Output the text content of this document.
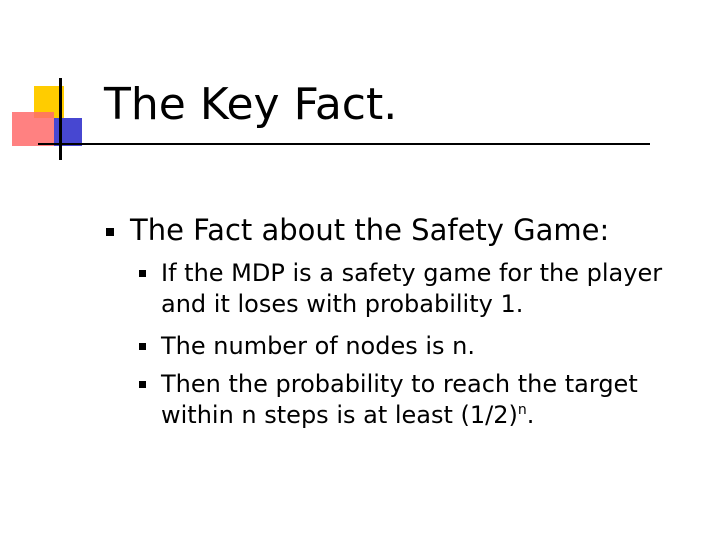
The Key Fact.
The Fact about the Safety Game:
If the MDP is a safety game for the player
and it loses with probability 1.
The number of nodes is n.
Then the probability to reach the target
within n steps is at least $(1/2)^n$.
